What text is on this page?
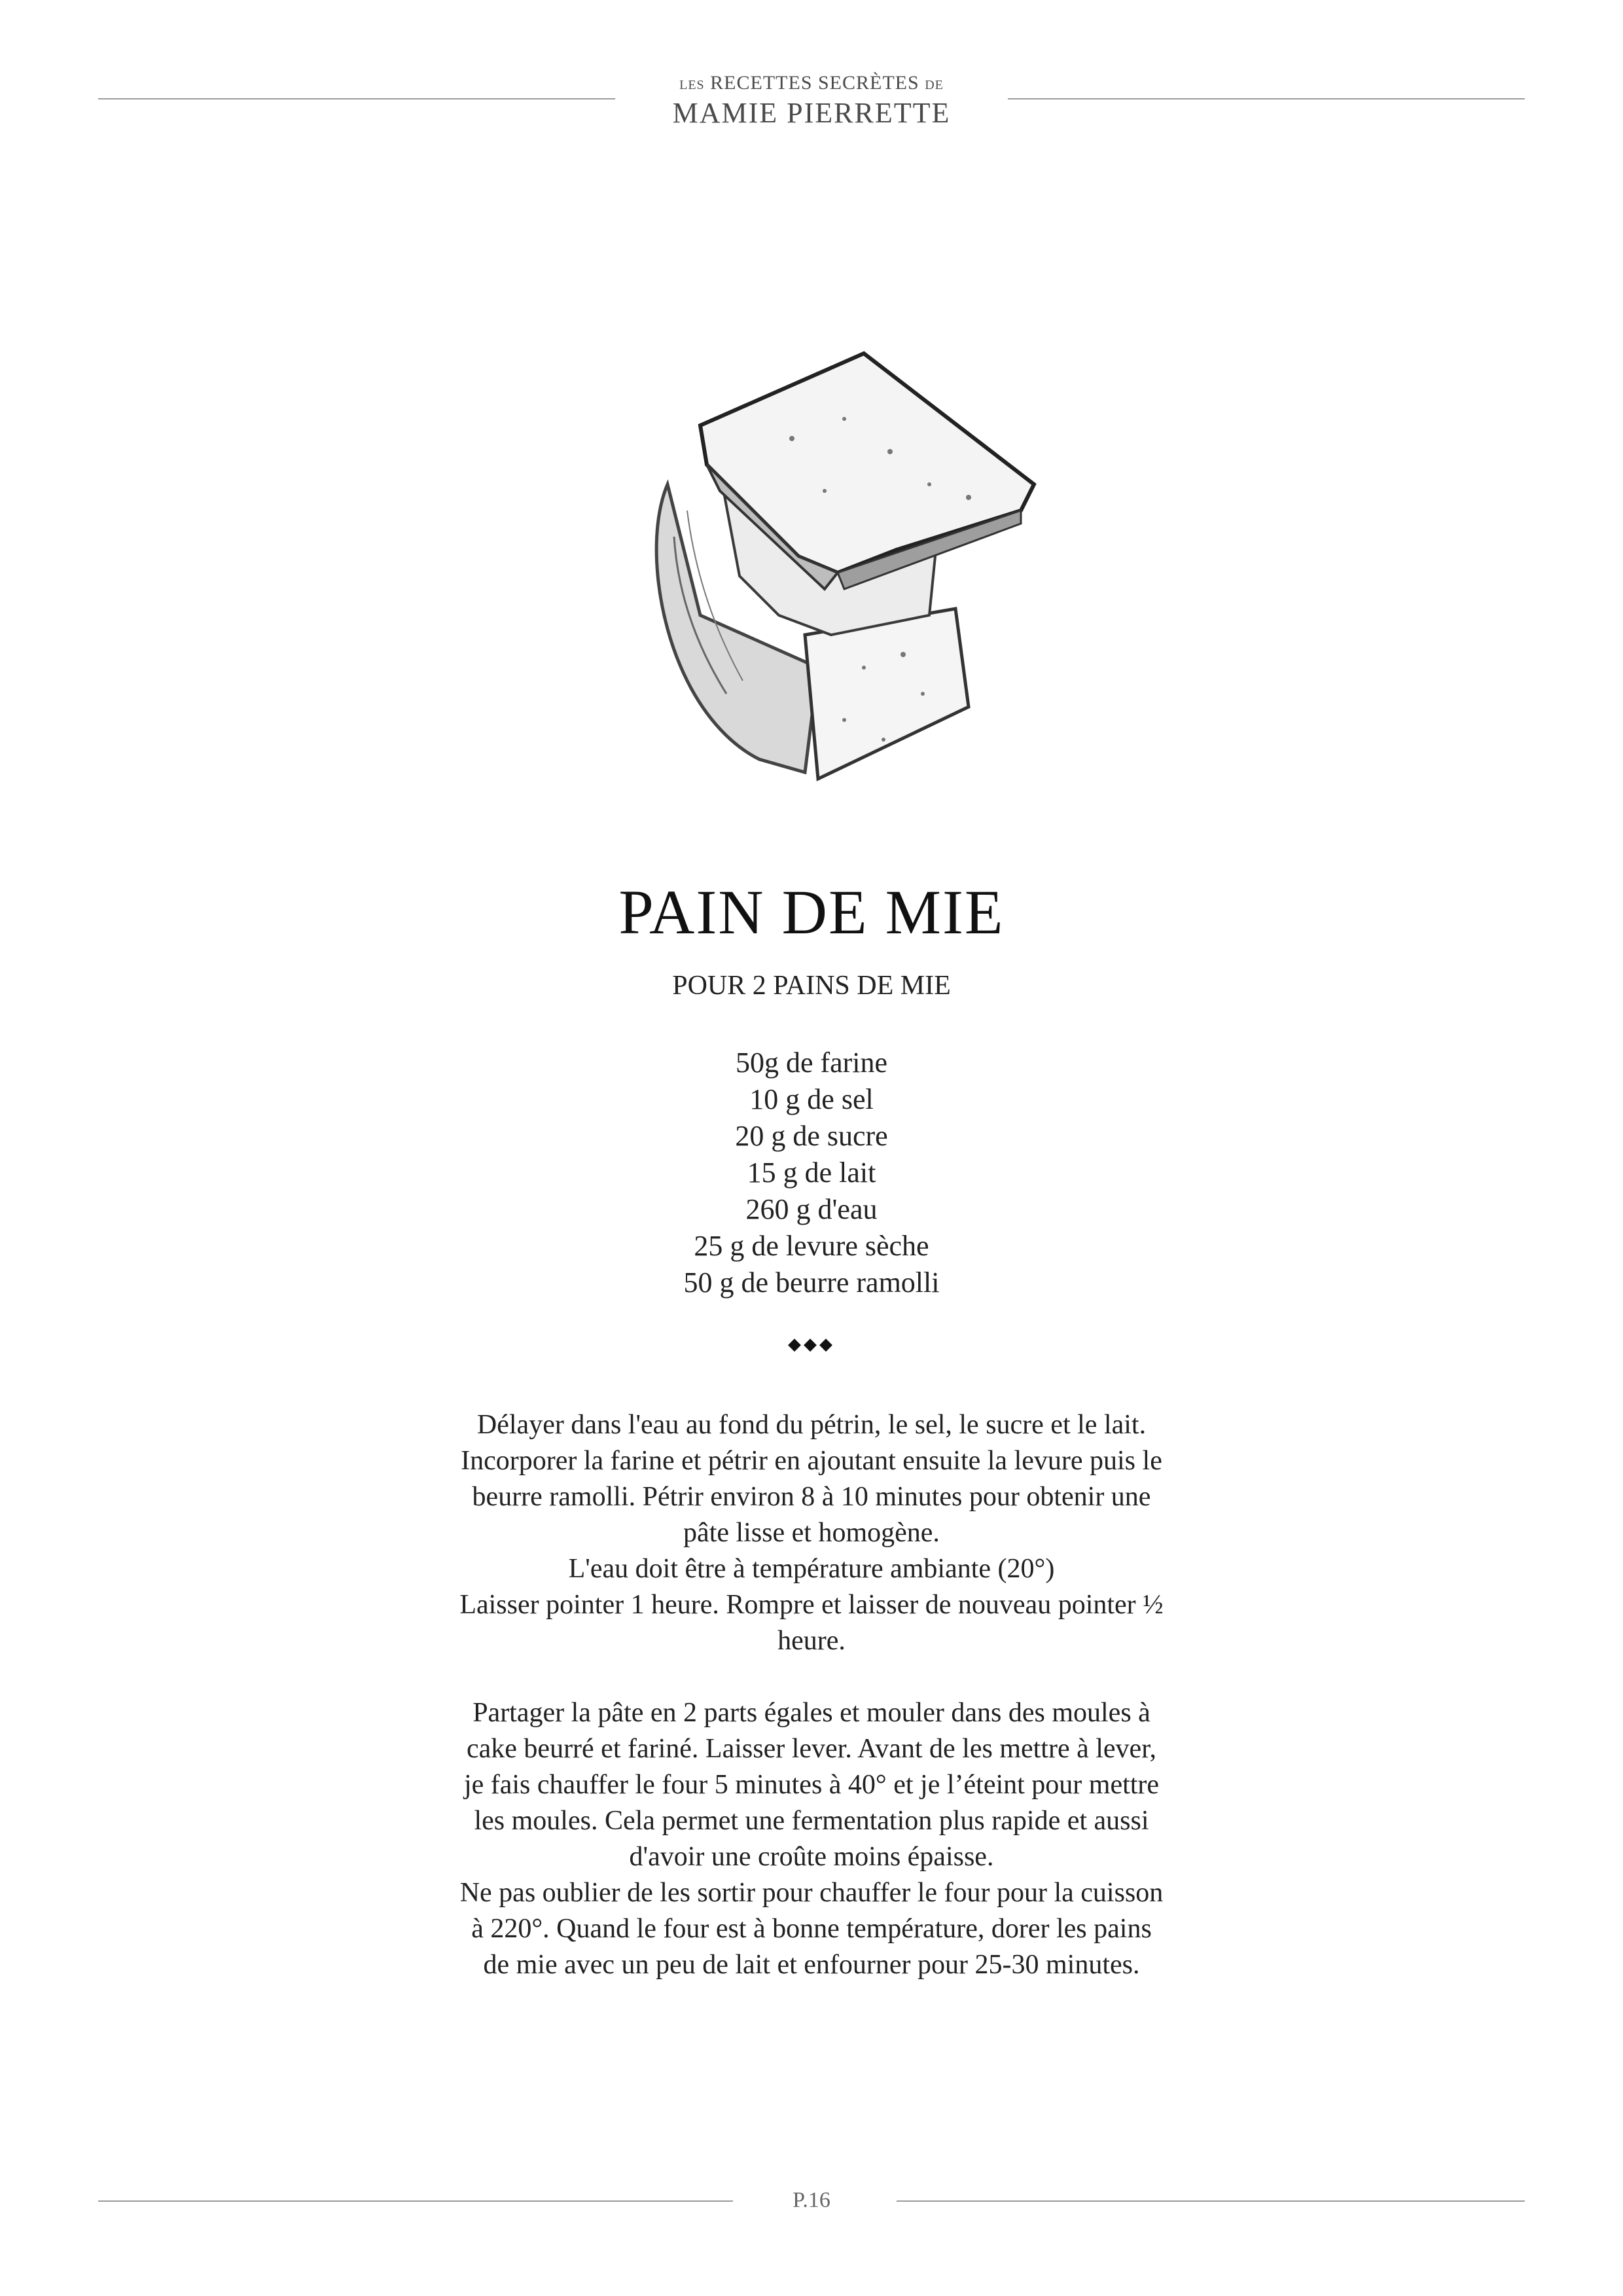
LES RECETTES SECRÈTES DE
MAMIE PIERRETTE
PAIN DE MIE
POUR 2 PAINS DE MIE
50g de farine
10 g de sel
20 g de sucre
15 g de lait
260 g d'eau
25 g de levure sèche
50 g de beurre ramolli
◆◆◆

Délayer dans l'eau au fond du pétrin, le sel, le sucre et le lait.
Incorporer la farine et pétrir en ajoutant ensuite la levure puis le
beurre ramolli. Pétrir environ 8 à 10 minutes pour obtenir une
pâte lisse et homogène.
L'eau doit être à température ambiante (20°)
Laisser pointer 1 heure. Rompre et laisser de nouveau pointer ½
heure.

Partager la pâte en 2 parts égales et mouler dans des moules à
cake beurré et fariné. Laisser lever. Avant de les mettre à lever,
je fais chauffer le four 5 minutes à 40° et je l’éteint pour mettre
les moules. Cela permet une fermentation plus rapide et aussi
d'avoir une croûte moins épaisse.
Ne pas oublier de les sortir pour chauffer le four pour la cuisson
à 220°. Quand le four est à bonne température, dorer les pains
de mie avec un peu de lait et enfourner pour 25-30 minutes.

P.16
